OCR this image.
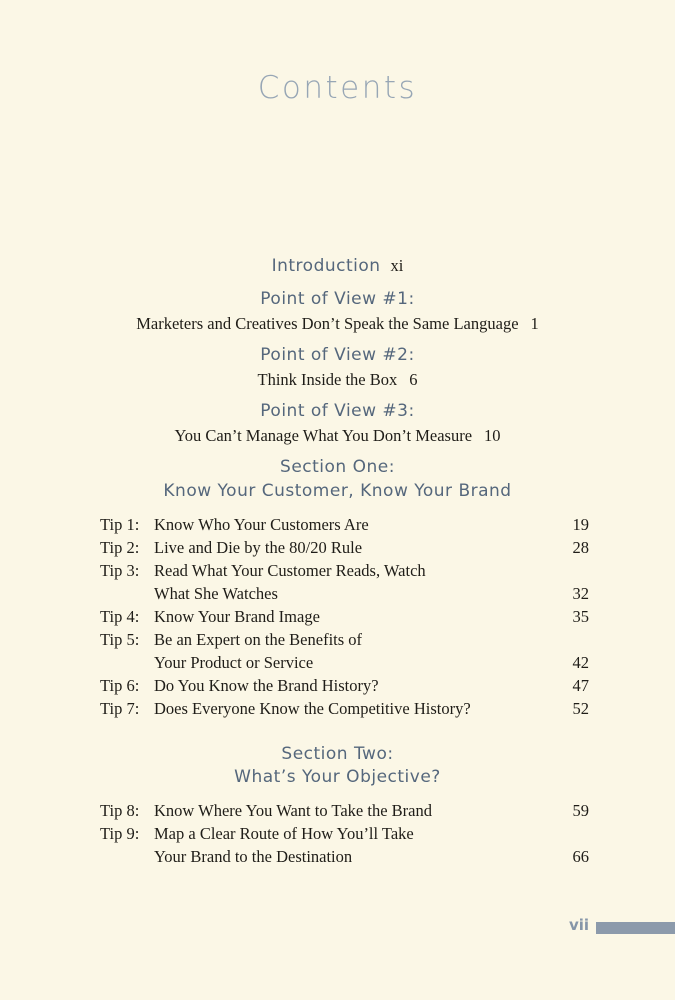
Contents
Introduction xi
Point of View #1:
Marketers and Creatives Don’t Speak the Same Language 1
Point of View #2:
Think Inside the Box 6
Point of View #3:
You Can’t Manage What You Don’t Measure 10
Section One:
Know Your Customer, Know Your Brand
Tip 1: Know Who Your Customers Are	19
Tip 2: Live and Die by the 80/20 Rule	28
Tip 3: Read What Your Customer Reads, Watch
What She Watches	32
Tip 4: Know Your Brand Image	35
Tip 5: Be an Expert on the Benefits of
Your Product or Service	42
Tip 6: Do You Know the Brand History?	47
Tip 7: Does Everyone Know the Competitive History?	52
Section Two:
What’s Your Objective?
Tip 8: Know Where You Want to Take the Brand	59
Tip 9: Map a Clear Route of How You’ll Take
Your Brand to the Destination	66
vii
